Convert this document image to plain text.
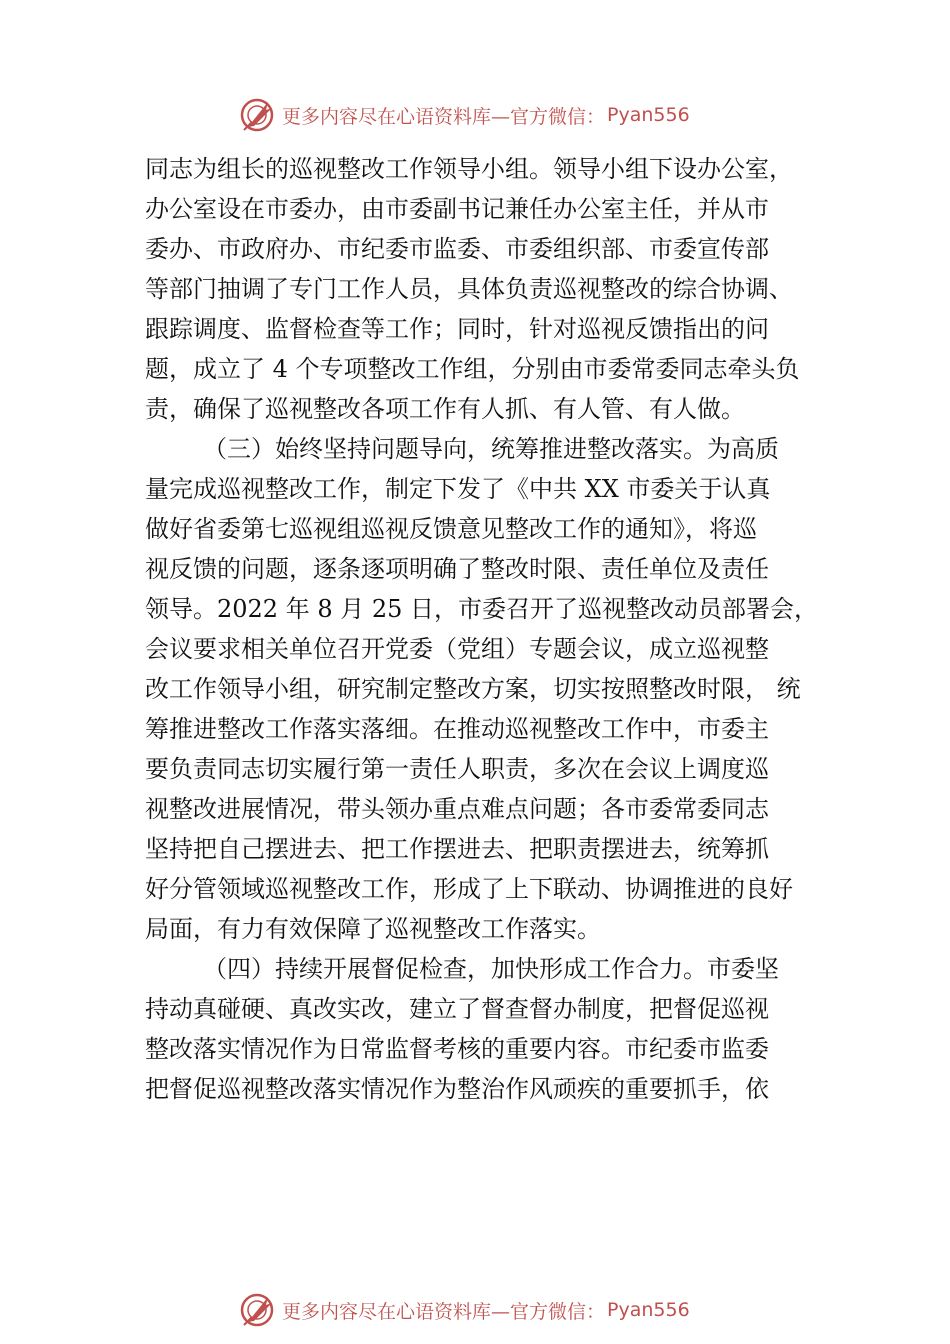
更多内容尽在心语资料库—官方微信： Pyan556
同志为组长的巡视整改工作领导小组。领导小组下设办公室，
办公室设在市委办，由市委副书记兼任办公室主任，并从市
委办、市政府办、市纪委市监委、市委组织部、市委宣传部
等部门抽调了专门工作人员，具体负责巡视整改的综合协调、
跟踪调度、监督检查等工作；同时，针对巡视反馈指出的问
题，成立了 4 个专项整改工作组，分别由市委常委同志牵头负
责，确保了巡视整改各项工作有人抓、有人管、有人做。
（三）始终坚持问题导向，统筹推进整改落实。为高质
量完成巡视整改工作，制定下发了《中共 XX 市委关于认真
做好省委第七巡视组巡视反馈意见整改工作的通知》，将巡
视反馈的问题，逐条逐项明确了整改时限、责任单位及责任
领导。2022 年 8 月 25 日，市委召开了巡视整改动员部署会，
会议要求相关单位召开党委（党组）专题会议，成立巡视整
改工作领导小组，研究制定整改方案，切实按照整改时限， 统
筹推进整改工作落实落细。在推动巡视整改工作中，市委主
要负责同志切实履行第一责任人职责，多次在会议上调度巡
视整改进展情况，带头领办重点难点问题；各市委常委同志
坚持把自己摆进去、把工作摆进去、把职责摆进去，统筹抓
好分管领域巡视整改工作，形成了上下联动、协调推进的良好
局面，有力有效保障了巡视整改工作落实。
（四）持续开展督促检查，加快形成工作合力。市委坚
持动真碰硬、真改实改，建立了督查督办制度，把督促巡视
整改落实情况作为日常监督考核的重要内容。市纪委市监委
把督促巡视整改落实情况作为整治作风顽疾的重要抓手，依
更多内容尽在心语资料库—官方微信： Pyan556
